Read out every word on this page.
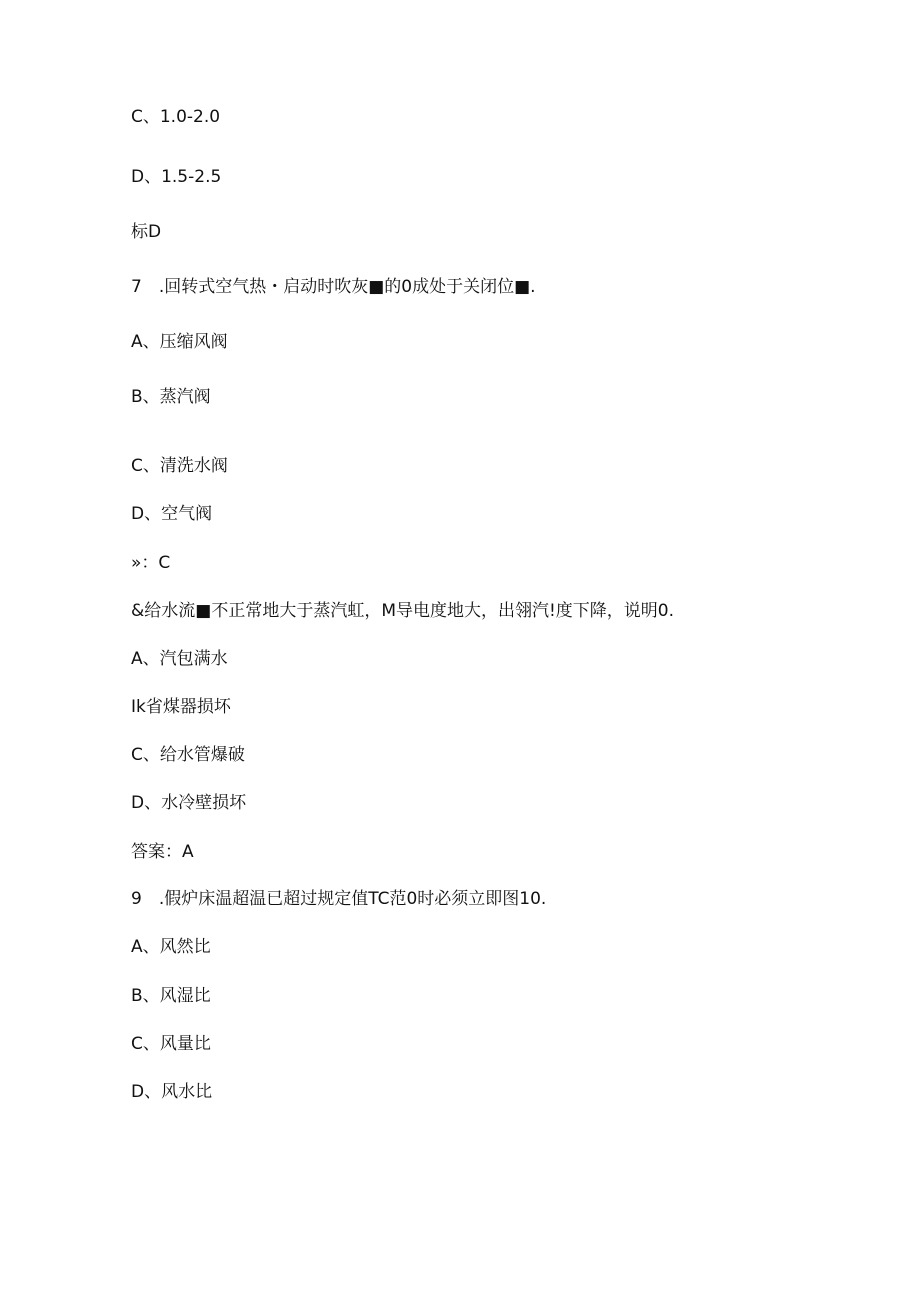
C、1.0-2.0
D、1.5-2.5
标D
7　.回转式空气热・启动时吹灰■的0成处于关闭位■.
A、压缩风阀
B、蒸汽阀
C、清洗水阀
D、空气阀
»：C
&给水流■不正常地大于蒸汽虹，M导电度地大，出翎汽!度下降，说明0.
A、汽包满水
Ik省煤器损坏
C、给水管爆破
D、水冷壁损坏
答案：A
9　.假炉床温超温已超过规定值TC范0时必须立即图10.
A、风然比
B、风湿比
C、风量比
D、风水比
